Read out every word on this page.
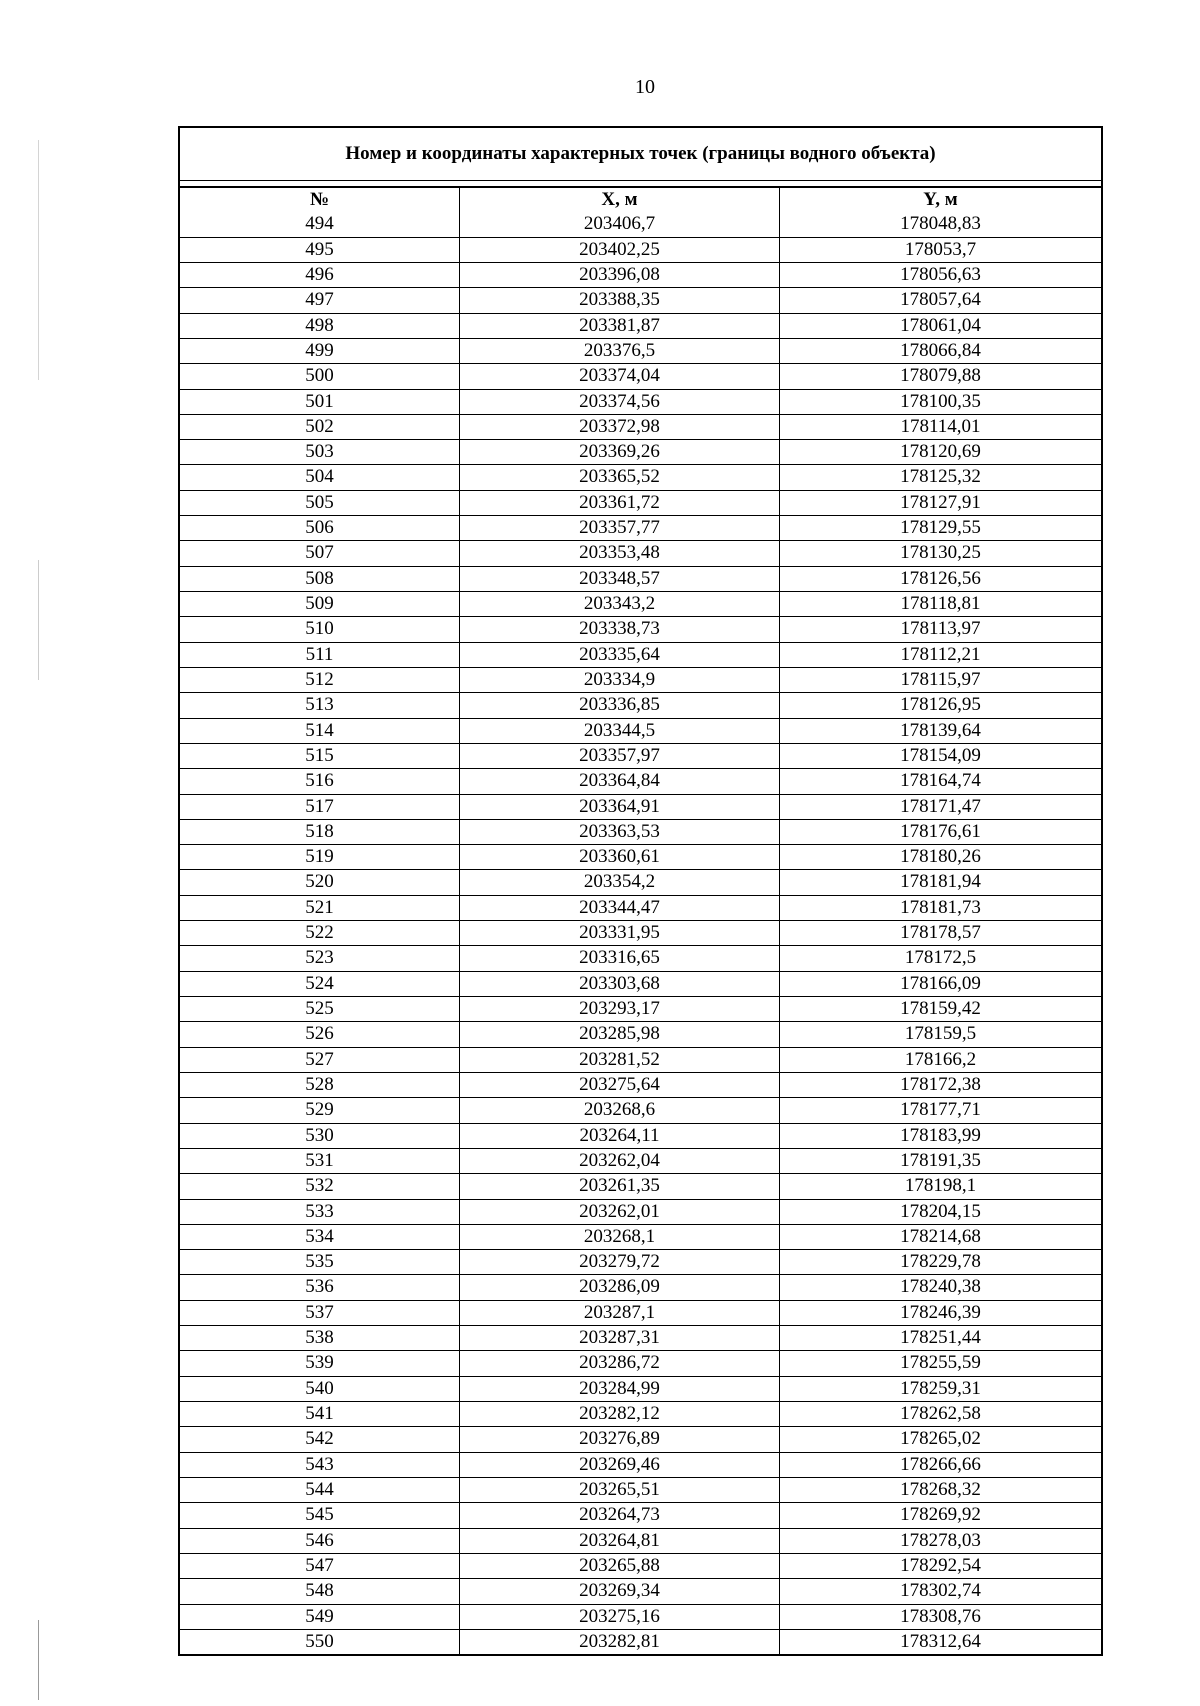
10
Номер и координаты характерных точек (границы водного объекта)
№	X, м	Y, м
494	203406,7	178048,83
495	203402,25	178053,7
496	203396,08	178056,63
497	203388,35	178057,64
498	203381,87	178061,04
499	203376,5	178066,84
500	203374,04	178079,88
501	203374,56	178100,35
502	203372,98	178114,01
503	203369,26	178120,69
504	203365,52	178125,32
505	203361,72	178127,91
506	203357,77	178129,55
507	203353,48	178130,25
508	203348,57	178126,56
509	203343,2	178118,81
510	203338,73	178113,97
511	203335,64	178112,21
512	203334,9	178115,97
513	203336,85	178126,95
514	203344,5	178139,64
515	203357,97	178154,09
516	203364,84	178164,74
517	203364,91	178171,47
518	203363,53	178176,61
519	203360,61	178180,26
520	203354,2	178181,94
521	203344,47	178181,73
522	203331,95	178178,57
523	203316,65	178172,5
524	203303,68	178166,09
525	203293,17	178159,42
526	203285,98	178159,5
527	203281,52	178166,2
528	203275,64	178172,38
529	203268,6	178177,71
530	203264,11	178183,99
531	203262,04	178191,35
532	203261,35	178198,1
533	203262,01	178204,15
534	203268,1	178214,68
535	203279,72	178229,78
536	203286,09	178240,38
537	203287,1	178246,39
538	203287,31	178251,44
539	203286,72	178255,59
540	203284,99	178259,31
541	203282,12	178262,58
542	203276,89	178265,02
543	203269,46	178266,66
544	203265,51	178268,32
545	203264,73	178269,92
546	203264,81	178278,03
547	203265,88	178292,54
548	203269,34	178302,74
549	203275,16	178308,76
550	203282,81	178312,64
